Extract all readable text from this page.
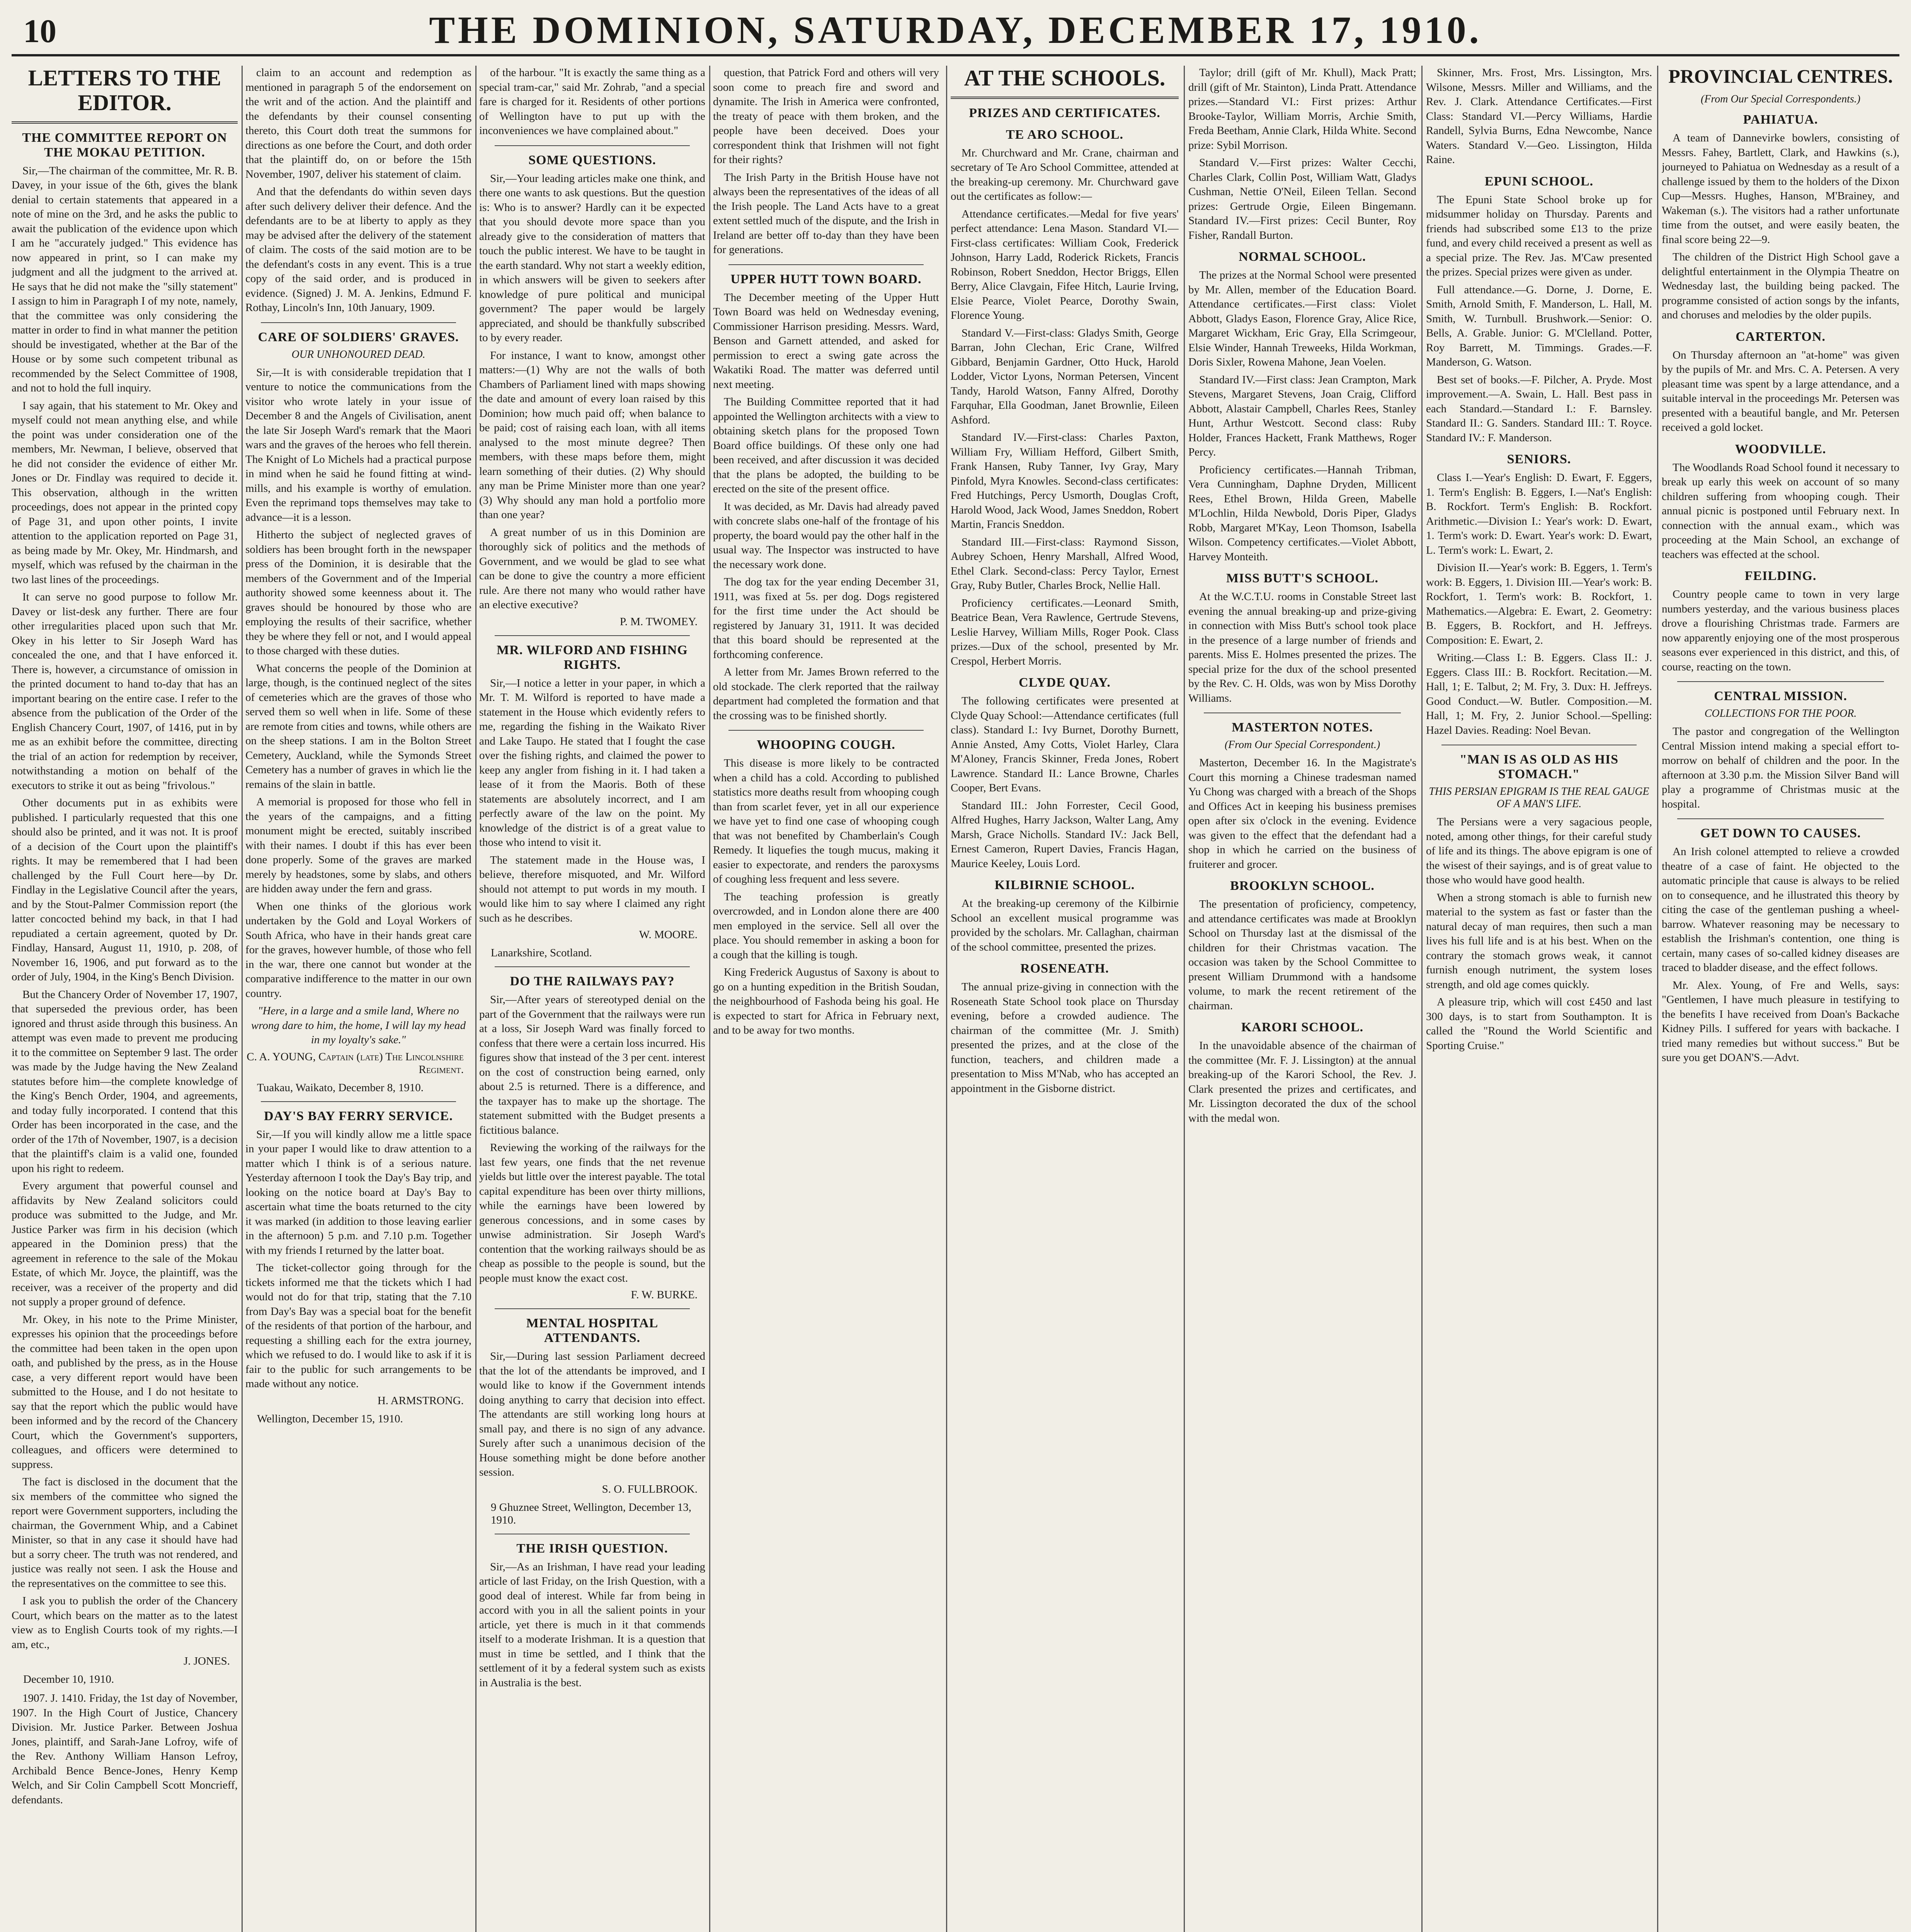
10	THE DOMINION, SATURDAY, DECEMBER 17, 1910.
LETTERS TO THE EDITOR.
THE COMMITTEE REPORT ON THE MOKAU PETITION.

Sir,—The chairman of the committee, Mr. R. B. Davey, in your issue of the 6th, gives the blank denial to certain statements that appeared in a note of mine on the 3rd, and he asks the public to await the publication of the evidence upon which I am he "accurately judged." This evidence has now appeared in print, so I can make my judgment and all the judgment to the arrived at. He says that he did not make the "silly statement" I assign to him in Paragraph I of my note, namely, that the committee was only considering the matter in order to find in what manner the petition should be investigated, whether at the Bar of the House or by some such competent tribunal as recommended by the Select Committee of 1908, and not to hold the full inquiry.

I say again, that his statement to Mr. Okey and myself could not mean anything else, and while the point was under consideration one of the members, Mr. Newman, I believe, observed that he did not consider the evidence of either Mr. Jones or Dr. Findlay was required to decide it. This observation, although in the written proceedings, does not appear in the printed copy of Page 31, and upon other points, I invite attention to the application reported on Page 31, as being made by Mr. Okey, Mr. Hindmarsh, and myself, which was refused by the chairman in the two last lines of the proceedings.

It can serve no good purpose to follow Mr. Davey or list-desk any further. There are four other irregularities placed upon such that Mr. Okey in his letter to Sir Joseph Ward has concealed the one, and that I have enforced it. There is, however, a circumstance of omission in the printed document to hand to-day that has an important bearing on the entire case. I refer to the absence from the publication of the Order of the English Chancery Court, 1907, of 1416, put in by me as an exhibit before the committee, directing the trial of an action for redemption by receiver, notwithstanding a motion on behalf of the executors to strike it out as being "frivolous."

Other documents put in as exhibits were published. I particularly requested that this one should also be printed, and it was not. It is proof of a decision of the Court upon the plaintiff's rights. It may be remembered that I had been challenged by the Full Court here—by Dr. Findlay in the Legislative Council after the years, and by the Stout-Palmer Commission report (the latter concocted behind my back, in that I had repudiated a certain agreement, quoted by Dr. Findlay, Hansard, August 11, 1910, p. 208, of November 16, 1906, and put forward as to the order of July, 1904, in the King's Bench Division.

But the Chancery Order of November 17, 1907, that superseded the previous order, has been ignored and thrust aside through this business. An attempt was even made to prevent me producing it to the committee on September 9 last. The order was made by the Judge having the New Zealand statutes before him—the complete knowledge of the King's Bench Order, 1904, and agreements, and today fully incorporated. I contend that this Order has been incorporated in the case, and the order of the 17th of November, 1907, is a decision that the plaintiff's claim is a valid one, founded upon his right to redeem.

Every argument that powerful counsel and affidavits by New Zealand solicitors could produce was submitted to the Judge, and Mr. Justice Parker was firm in his decision (which appeared in the Dominion press) that the agreement in reference to the sale of the Mokau Estate, of which Mr. Joyce, the plaintiff, was the receiver, was a receiver of the property and did not supply a proper ground of defence.

Mr. Okey, in his note to the Prime Minister, expresses his opinion that the proceedings before the committee had been taken in the open upon oath, and published by the press, as in the House case, a very different report would have been submitted to the House, and I do not hesitate to say that the report which the public would have been informed and by the record of the Chancery Court, which the Government's supporters, colleagues, and officers were determined to suppress.

The fact is disclosed in the document that the six members of the committee who signed the report were Government supporters, including the chairman, the Government Whip, and a Cabinet Minister, so that in any case it should have had but a sorry cheer. The truth was not rendered, and justice was really not seen. I ask the House and the representatives on the committee to see this.

I ask you to publish the order of the Chancery Court, which bears on the matter as to the latest view as to English Courts took of my rights.—I am, etc.,

J. JONES.
December 10, 1910.

1907. J. 1410. Friday, the 1st day of November, 1907. In the High Court of Justice, Chancery Division. Mr. Justice Parker. Between Joshua Jones, plaintiff, and Sarah-Jane Lofroy, wife of the Rev. Anthony William Hanson Lefroy, Archibald Bence Bence-Jones, Henry Kemp Welch, and Sir Colin Campbell Scott Moncrieff, defendants.

claim to an account and redemption as mentioned in paragraph 5 of the endorsement on the writ and of the action. And the plaintiff and the defendants by their counsel consenting thereto, this Court doth treat the summons for directions as one before the Court, and doth order that the plaintiff do, on or before the 15th November, 1907, deliver his statement of claim.

And that the defendants do within seven days after such delivery deliver their defence. And the defendants are to be at liberty to apply as they may be advised after the delivery of the statement of claim. The costs of the said motion are to be the defendant's costs in any event. This is a true copy of the said order, and is produced in evidence. (Signed) J. M. A. Jenkins, Edmund F. Rothay, Lincoln's Inn, 10th January, 1909.

CARE OF SOLDIERS' GRAVES.
OUR UNHONOURED DEAD.

Sir,—It is with considerable trepidation that I venture to notice the communications from the visitor who wrote lately in your issue of December 8 and the Angels of Civilisation, anent the late Sir Joseph Ward's remark that the Maori wars and the graves of the heroes who fell therein. The Knight of Lo Michels had a practical purpose in mind when he said he found fitting at wind-mills, and his example is worthy of emulation. Even the reprimand tops themselves may take to advance—it is a lesson.

Hitherto the subject of neglected graves of soldiers has been brought forth in the newspaper press of the Dominion, it is desirable that the members of the Government and of the Imperial authority showed some keenness about it. The graves should be honoured by those who are employing the results of their sacrifice, whether they be where they fell or not, and I would appeal to those charged with these duties.

What concerns the people of the Dominion at large, though, is the continued neglect of the sites of cemeteries which are the graves of those who served them so well when in life. Some of these are remote from cities and towns, while others are on the sheep stations. I am in the Bolton Street Cemetery, Auckland, while the Symonds Street Cemetery has a number of graves in which lie the remains of the slain in battle.

A memorial is proposed for those who fell in the years of the campaigns, and a fitting monument might be erected, suitably inscribed with their names. I doubt if this has ever been done properly. Some of the graves are marked merely by headstones, some by slabs, and others are hidden away under the fern and grass.

When one thinks of the glorious work undertaken by the Gold and Loyal Workers of South Africa, who have in their hands great care for the graves, however humble, of those who fell in the war, there one cannot but wonder at the comparative indifference to the matter in our own country.

"Here, in a large and a smile land, Where no wrong dare to him, the home, I will lay my head in my loyalty's sake."

C. A. YOUNG, Captain (late) The Lincolnshire Regiment.
Tuakau, Waikato, December 8, 1910.
DAY'S BAY FERRY SERVICE.

Sir,—If you will kindly allow me a little space in your paper I would like to draw attention to a matter which I think is of a serious nature. Yesterday afternoon I took the Day's Bay trip, and looking on the notice board at Day's Bay to ascertain what time the boats returned to the city it was marked (in addition to those leaving earlier in the afternoon) 5 p.m. and 7.10 p.m. Together with my friends I returned by the latter boat.

The ticket-collector going through for the tickets informed me that the tickets which I had would not do for that trip, stating that the 7.10 from Day's Bay was a special boat for the benefit of the residents of that portion of the harbour, and requesting a shilling each for the extra journey, which we refused to do. I would like to ask if it is fair to the public for such arrangements to be made without any notice.

H. ARMSTRONG.
Wellington, December 15, 1910.

of the harbour. "It is exactly the same thing as a special tram-car," said Mr. Zohrab, "and a special fare is charged for it. Residents of other portions of Wellington have to put up with the inconveniences we have complained about."

SOME QUESTIONS.

Sir,—Your leading articles make one think, and there one wants to ask questions. But the question is: Who is to answer? Hardly can it be expected that you should devote more space than you already give to the consideration of matters that touch the public interest. We have to be taught in the earth standard. Why not start a weekly edition, in which answers will be given to seekers after knowledge of pure political and municipal government? The paper would be largely appreciated, and should be thankfully subscribed to by every reader.

For instance, I want to know, amongst other matters:—(1) Why are not the walls of both Chambers of Parliament lined with maps showing the date and amount of every loan raised by this Dominion; how much paid off; when balance to be paid; cost of raising each loan, with all items analysed to the most minute degree? Then members, with these maps before them, might learn something of their duties. (2) Why should any man be Prime Minister more than one year? (3) Why should any man hold a portfolio more than one year?

A great number of us in this Dominion are thoroughly sick of politics and the methods of Government, and we would be glad to see what can be done to give the country a more efficient rule. Are there not many who would rather have an elective executive?

P. M. TWOMEY.
MR. WILFORD AND FISHING RIGHTS.

Sir,—I notice a letter in your paper, in which a Mr. T. M. Wilford is reported to have made a statement in the House which evidently refers to me, regarding the fishing in the Waikato River and Lake Taupo. He stated that I fought the case over the fishing rights, and claimed the power to keep any angler from fishing in it. I had taken a lease of it from the Maoris. Both of these statements are absolutely incorrect, and I am perfectly aware of the law on the point. My knowledge of the district is of a great value to those who intend to visit it.

The statement made in the House was, I believe, therefore misquoted, and Mr. Wilford should not attempt to put words in my mouth. I would like him to say where I claimed any right such as he describes.

W. MOORE.
Lanarkshire, Scotland.
DO THE RAILWAYS PAY?

Sir,—After years of stereotyped denial on the part of the Government that the railways were run at a loss, Sir Joseph Ward was finally forced to confess that there were a certain loss incurred. His figures show that instead of the 3 per cent. interest on the cost of construction being earned, only about 2.5 is returned. There is a difference, and the taxpayer has to make up the shortage. The statement submitted with the Budget presents a fictitious balance.

Reviewing the working of the railways for the last few years, one finds that the net revenue yields but little over the interest payable. The total capital expenditure has been over thirty millions, while the earnings have been lowered by generous concessions, and in some cases by unwise administration. Sir Joseph Ward's contention that the working railways should be as cheap as possible to the people is sound, but the people must know the exact cost.

F. W. BURKE.
MENTAL HOSPITAL ATTENDANTS.

Sir,—During last session Parliament decreed that the lot of the attendants be improved, and I would like to know if the Government intends doing anything to carry that decision into effect. The attendants are still working long hours at small pay, and there is no sign of any advance. Surely after such a unanimous decision of the House something might be done before another session.

S. O. FULLBROOK.
9 Ghuznee Street, Wellington, December 13, 1910.
THE IRISH QUESTION.

Sir,—As an Irishman, I have read your leading article of last Friday, on the Irish Question, with a good deal of interest. While far from being in accord with you in all the salient points in your article, yet there is much in it that commends itself to a moderate Irishman. It is a question that must in time be settled, and I think that the settlement of it by a federal system such as exists in Australia is the best.

question, that Patrick Ford and others will very soon come to preach fire and sword and dynamite. The Irish in America were confronted, the treaty of peace with them broken, and the people have been deceived. Does your correspondent think that Irishmen will not fight for their rights?

The Irish Party in the British House have not always been the representatives of the ideas of all the Irish people. The Land Acts have to a great extent settled much of the dispute, and the Irish in Ireland are better off to-day than they have been for generations.

UPPER HUTT TOWN BOARD.

The December meeting of the Upper Hutt Town Board was held on Wednesday evening, Commissioner Harrison presiding. Messrs. Ward, Benson and Garnett attended, and asked for permission to erect a swing gate across the Wakatiki Road. The matter was deferred until next meeting.

The Building Committee reported that it had appointed the Wellington architects with a view to obtaining sketch plans for the proposed Town Board office buildings. Of these only one had been received, and after discussion it was decided that the plans be adopted, the building to be erected on the site of the present office.

It was decided, as Mr. Davis had already paved with concrete slabs one-half of the frontage of his property, the board would pay the other half in the usual way. The Inspector was instructed to have the necessary work done.

The dog tax for the year ending December 31, 1911, was fixed at 5s. per dog. Dogs registered for the first time under the Act should be registered by January 31, 1911. It was decided that this board should be represented at the forthcoming conference.

A letter from Mr. James Brown referred to the old stockade. The clerk reported that the railway department had completed the formation and that the crossing was to be finished shortly.

WHOOPING COUGH.

This disease is more likely to be contracted when a child has a cold. According to published statistics more deaths result from whooping cough than from scarlet fever, yet in all our experience we have yet to find one case of whooping cough that was not benefited by Chamberlain's Cough Remedy. It liquefies the tough mucus, making it easier to expectorate, and renders the paroxysms of coughing less frequent and less severe.

The teaching profession is greatly overcrowded, and in London alone there are 400 men employed in the service. Sell all over the place. You should remember in asking a boon for a cough that the killing is tough.

King Frederick Augustus of Saxony is about to go on a hunting expedition in the British Soudan, the neighbourhood of Fashoda being his goal. He is expected to start for Africa in February next, and to be away for two months.

AT THE SCHOOLS.
PRIZES AND CERTIFICATES.
TE ARO SCHOOL.

Mr. Churchward and Mr. Crane, chairman and secretary of Te Aro School Committee, attended at the breaking-up ceremony. Mr. Churchward gave out the certificates as follow:—

Attendance certificates.—Medal for five years' perfect attendance: Lena Mason. Standard VI.—First-class certificates: William Cook, Frederick Johnson, Harry Ladd, Roderick Rickets, Francis Robinson, Robert Sneddon, Hector Briggs, Ellen Berry, Alice Clavgain, Fifee Hitch, Laurie Irving, Elsie Pearce, Violet Pearce, Dorothy Swain, Florence Young.

Standard V.—First-class: Gladys Smith, George Barran, John Clechan, Eric Crane, Wilfred Gibbard, Benjamin Gardner, Otto Huck, Harold Lodder, Victor Lyons, Norman Petersen, Vincent Tandy, Harold Watson, Fanny Alfred, Dorothy Farquhar, Ella Goodman, Janet Brownlie, Eileen Ashford.

Standard IV.—First-class: Charles Paxton, William Fry, William Hefford, Gilbert Smith, Frank Hansen, Ruby Tanner, Ivy Gray, Mary Pinfold, Myra Knowles. Second-class certificates: Fred Hutchings, Percy Usmorth, Douglas Croft, Harold Wood, Jack Wood, James Sneddon, Robert Martin, Francis Sneddon.

Standard III.—First-class: Raymond Sisson, Aubrey Schoen, Henry Marshall, Alfred Wood, Ethel Clark. Second-class: Percy Taylor, Ernest Gray, Ruby Butler, Charles Brock, Nellie Hall.

Proficiency certificates.—Leonard Smith, Beatrice Bean, Vera Rawlence, Gertrude Stevens, Leslie Harvey, William Mills, Roger Pook. Class prizes.—Dux of the school, presented by Mr. Crespol, Herbert Morris.

CLYDE QUAY.

The following certificates were presented at Clyde Quay School:—Attendance certificates (full class). Standard I.: Ivy Burnet, Dorothy Burnett, Annie Ansted, Amy Cotts, Violet Harley, Clara M'Aloney, Francis Skinner, Freda Jones, Robert Lawrence. Standard II.: Lance Browne, Charles Cooper, Bert Evans.

Standard III.: John Forrester, Cecil Good, Alfred Hughes, Harry Jackson, Walter Lang, Amy Marsh, Grace Nicholls. Standard IV.: Jack Bell, Ernest Cameron, Rupert Davies, Francis Hagan, Maurice Keeley, Louis Lord.

KILBIRNIE SCHOOL.

At the breaking-up ceremony of the Kilbirnie School an excellent musical programme was provided by the scholars. Mr. Callaghan, chairman of the school committee, presented the prizes.

ROSENEATH.

The annual prize-giving in connection with the Roseneath State School took place on Thursday evening, before a crowded audience. The chairman of the committee (Mr. J. Smith) presented the prizes, and at the close of the function, teachers, and children made a presentation to Miss M'Nab, who has accepted an appointment in the Gisborne district.

Taylor; drill (gift of Mr. Khull), Mack Pratt; drill (gift of Mr. Stainton), Linda Pratt. Attendance prizes.—Standard VI.: First prizes: Arthur Brooke-Taylor, William Morris, Archie Smith, Freda Beetham, Annie Clark, Hilda White. Second prize: Sybil Morrison.

Standard V.—First prizes: Walter Cecchi, Charles Clark, Collin Post, William Watt, Gladys Cushman, Nettie O'Neil, Eileen Tellan. Second prizes: Gertrude Orgie, Eileen Bingemann. Standard IV.—First prizes: Cecil Bunter, Roy Fisher, Randall Burton.

NORMAL SCHOOL.

The prizes at the Normal School were presented by Mr. Allen, member of the Education Board. Attendance certificates.—First class: Violet Abbott, Gladys Eason, Florence Gray, Alice Rice, Margaret Wickham, Eric Gray, Ella Scrimgeour, Elsie Winder, Hannah Treweeks, Hilda Workman, Doris Sixler, Rowena Mahone, Jean Voelen.

Standard IV.—First class: Jean Crampton, Mark Stevens, Margaret Stevens, Joan Craig, Clifford Abbott, Alastair Campbell, Charles Rees, Stanley Hunt, Arthur Westcott. Second class: Ruby Holder, Frances Hackett, Frank Matthews, Roger Percy.

Proficiency certificates.—Hannah Tribman, Vera Cunningham, Daphne Dryden, Millicent Rees, Ethel Brown, Hilda Green, Mabelle M'Lochlin, Hilda Newbold, Doris Piper, Gladys Robb, Margaret M'Kay, Leon Thomson, Isabella Wilson. Competency certificates.—Violet Abbott, Harvey Monteith.

MISS BUTT'S SCHOOL.

At the W.C.T.U. rooms in Constable Street last evening the annual breaking-up and prize-giving in connection with Miss Butt's school took place in the presence of a large number of friends and parents. Miss E. Holmes presented the prizes. The special prize for the dux of the school presented by the Rev. C. H. Olds, was won by Miss Dorothy Williams.

MASTERTON NOTES.
(From Our Special Correspondent.)

Masterton, December 16. In the Magistrate's Court this morning a Chinese tradesman named Yu Chong was charged with a breach of the Shops and Offices Act in keeping his business premises open after six o'clock in the evening. Evidence was given to the effect that the defendant had a shop in which he carried on the business of fruiterer and grocer.

BROOKLYN SCHOOL.

The presentation of proficiency, competency, and attendance certificates was made at Brooklyn School on Thursday last at the dismissal of the children for their Christmas vacation. The occasion was taken by the School Committee to present William Drummond with a handsome volume, to mark the recent retirement of the chairman.

KARORI SCHOOL.

In the unavoidable absence of the chairman of the committee (Mr. F. J. Lissington) at the annual breaking-up of the Karori School, the Rev. J. Clark presented the prizes and certificates, and Mr. Lissington decorated the dux of the school with the medal won.

Skinner, Mrs. Frost, Mrs. Lissington, Mrs. Wilsone, Messrs. Miller and Williams, and the Rev. J. Clark. Attendance Certificates.—First Class: Standard VI.—Percy Williams, Hardie Randell, Sylvia Burns, Edna Newcombe, Nance Waters. Standard V.—Geo. Lissington, Hilda Raine.

EPUNI SCHOOL.

The Epuni State School broke up for midsummer holiday on Thursday. Parents and friends had subscribed some £13 to the prize fund, and every child received a present as well as a special prize. The Rev. Jas. M'Caw presented the prizes. Special prizes were given as under.

Full attendance.—G. Dorne, J. Dorne, E. Smith, Arnold Smith, F. Manderson, L. Hall, M. Smith, W. Turnbull. Brushwork.—Senior: O. Bells, A. Grable. Junior: G. M'Clelland. Potter, Roy Barrett, M. Timmings. Grades.—F. Manderson, G. Watson.

Best set of books.—F. Pilcher, A. Pryde. Most improvement.—A. Swain, L. Hall. Best pass in each Standard.—Standard I.: F. Barnsley. Standard II.: G. Sanders. Standard III.: T. Royce. Standard IV.: F. Manderson.

SENIORS.

Class I.—Year's English: D. Ewart, F. Eggers, 1. Term's English: B. Eggers, I.—Nat's English: B. Rockfort. Term's English: B. Rockfort. Arithmetic.—Division I.: Year's work: D. Ewart, 1. Term's work: D. Ewart. Year's work: D. Ewart, L. Term's work: L. Ewart, 2.

Division II.—Year's work: B. Eggers, 1. Term's work: B. Eggers, 1. Division III.—Year's work: B. Rockfort, 1. Term's work: B. Rockfort, 1. Mathematics.—Algebra: E. Ewart, 2. Geometry: B. Eggers, B. Rockfort, and H. Jeffreys. Composition: E. Ewart, 2.

Writing.—Class I.: B. Eggers. Class II.: J. Eggers. Class III.: B. Rockfort. Recitation.—M. Hall, 1; E. Talbut, 2; M. Fry, 3. Dux: H. Jeffreys. Good Conduct.—W. Butler. Composition.—M. Hall, 1; M. Fry, 2. Junior School.—Spelling: Hazel Davies. Reading: Noel Bevan.

"MAN IS AS OLD AS HIS STOMACH."
THIS PERSIAN EPIGRAM IS THE REAL GAUGE OF A MAN'S LIFE.

The Persians were a very sagacious people, noted, among other things, for their careful study of life and its things. The above epigram is one of the wisest of their sayings, and is of great value to those who would have good health.

When a strong stomach is able to furnish new material to the system as fast or faster than the natural decay of man requires, then such a man lives his full life and is at his best. When on the contrary the stomach grows weak, it cannot furnish enough nutriment, the system loses strength, and old age comes quickly.

A pleasure trip, which will cost £450 and last 300 days, is to start from Southampton. It is called the "Round the World Scientific and Sporting Cruise."

PROVINCIAL CENTRES.
(From Our Special Correspondents.)
PAHIATUA.

A team of Dannevirke bowlers, consisting of Messrs. Fahey, Bartlett, Clark, and Hawkins (s.), journeyed to Pahiatua on Wednesday as a result of a challenge issued by them to the holders of the Dixon Cup—Messrs. Hughes, Hanson, M'Brainey, and Wakeman (s.). The visitors had a rather unfortunate time from the outset, and were easily beaten, the final score being 22—9.

The children of the District High School gave a delightful entertainment in the Olympia Theatre on Wednesday last, the building being packed. The programme consisted of action songs by the infants, and choruses and melodies by the older pupils.

CARTERTON.

On Thursday afternoon an "at-home" was given by the pupils of Mr. and Mrs. C. A. Petersen. A very pleasant time was spent by a large attendance, and a suitable interval in the proceedings Mr. Petersen was presented with a beautiful bangle, and Mr. Petersen received a gold locket.

WOODVILLE.

The Woodlands Road School found it necessary to break up early this week on account of so many children suffering from whooping cough. Their annual picnic is postponed until February next. In connection with the annual exam., which was proceeding at the Main School, an exchange of teachers was effected at the school.

FEILDING.

Country people came to town in very large numbers yesterday, and the various business places drove a flourishing Christmas trade. Farmers are now apparently enjoying one of the most prosperous seasons ever experienced in this district, and this, of course, reacting on the town.

CENTRAL MISSION.
COLLECTIONS FOR THE POOR.

The pastor and congregation of the Wellington Central Mission intend making a special effort to-morrow on behalf of children and the poor. In the afternoon at 3.30 p.m. the Mission Silver Band will play a programme of Christmas music at the hospital.

GET DOWN TO CAUSES.

An Irish colonel attempted to relieve a crowded theatre of a case of faint. He objected to the automatic principle that cause is always to be relied on to consequence, and he illustrated this theory by citing the case of the gentleman pushing a wheel-barrow. Whatever reasoning may be necessary to establish the Irishman's contention, one thing is certain, many cases of so-called kidney diseases are traced to bladder disease, and the effect follows.

Mr. Alex. Young, of Fre and Wells, says: "Gentlemen, I have much pleasure in testifying to the benefits I have received from Doan's Backache Kidney Pills. I suffered for years with backache. I tried many remedies but without success." But be sure you get DOAN'S.—Advt.
